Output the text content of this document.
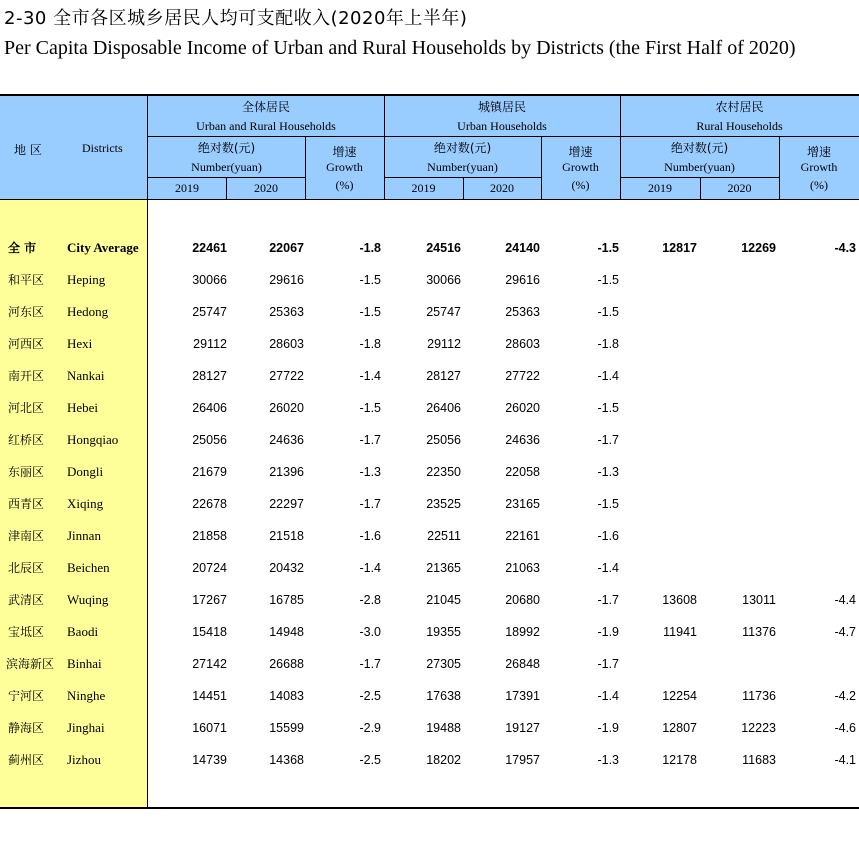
2-30 全市各区城乡居民人均可支配收入(2020年上半年)
Per Capita Disposable Income of Urban and Rural Households by Districts (the First Half of 2020)
地 区	Districts
全体居民
Urban and Rural Households
绝对数(元)
Number(yuan)
增速
Growth
(%)
2019	2020
城镇居民
Urban Households
绝对数(元)
Number(yuan)
增速
Growth
(%)
2019	2020
农村居民
Rural Households
绝对数(元)
Number(yuan)
增速
Growth
(%)
2019	2020
全 市	City Average	22461	22067	-1.8	24516	24140	-1.5	12817	12269	-4.3
和平区	Heping	30066	29616	-1.5	30066	29616	-1.5
河东区	Hedong	25747	25363	-1.5	25747	25363	-1.5
河西区	Hexi	29112	28603	-1.8	29112	28603	-1.8
南开区	Nankai	28127	27722	-1.4	28127	27722	-1.4
河北区	Hebei	26406	26020	-1.5	26406	26020	-1.5
红桥区	Hongqiao	25056	24636	-1.7	25056	24636	-1.7
东丽区	Dongli	21679	21396	-1.3	22350	22058	-1.3
西青区	Xiqing	22678	22297	-1.7	23525	23165	-1.5
津南区	Jinnan	21858	21518	-1.6	22511	22161	-1.6
北辰区	Beichen	20724	20432	-1.4	21365	21063	-1.4
武清区	Wuqing	17267	16785	-2.8	21045	20680	-1.7	13608	13011	-4.4
宝坻区	Baodi	15418	14948	-3.0	19355	18992	-1.9	11941	11376	-4.7
滨海新区 Binhai	27142	26688	-1.7	27305	26848	-1.7
宁河区	Ninghe	14451	14083	-2.5	17638	17391	-1.4	12254	11736	-4.2
静海区	Jinghai	16071	15599	-2.9	19488	19127	-1.9	12807	12223	-4.6
蓟州区	Jizhou	14739	14368	-2.5	18202	17957	-1.3	12178	11683	-4.1
